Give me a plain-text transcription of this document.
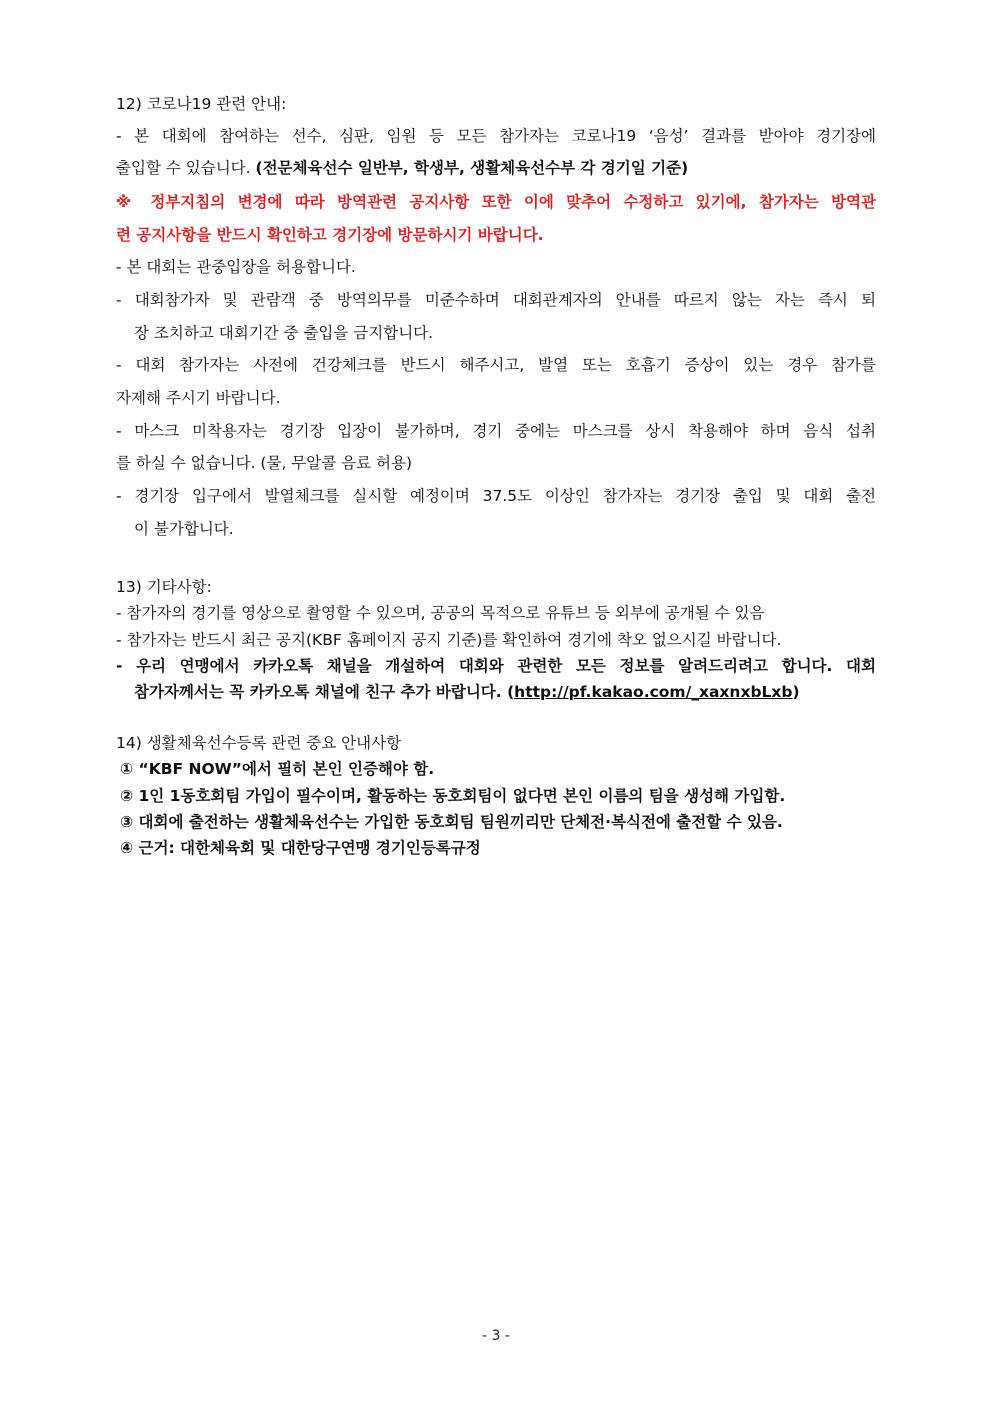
12) 코로나19 관련 안내:
- 본 대회에 참여하는 선수, 심판, 임원 등 모든 참가자는 코로나19 ‘음성’ 결과를 받아야 경기장에
출입할 수 있습니다. (전문체육선수 일반부, 학생부, 생활체육선수부 각 경기일 기준)
※ 정부지침의 변경에 따라 방역관련 공지사항 또한 이에 맞추어 수정하고 있기에, 참가자는 방역관
련 공지사항을 반드시 확인하고 경기장에 방문하시기 바랍니다.
- 본 대회는 관중입장을 허용합니다.
- 대회참가자 및 관람객 중 방역의무를 미준수하며 대회관계자의 안내를 따르지 않는 자는 즉시 퇴
장 조치하고 대회기간 중 출입을 금지합니다.
- 대회 참가자는 사전에 건강체크를 반드시 해주시고, 발열 또는 호흡기 증상이 있는 경우 참가를
자제해 주시기 바랍니다.
- 마스크 미착용자는 경기장 입장이 불가하며, 경기 중에는 마스크를 상시 착용해야 하며 음식 섭취
를 하실 수 없습니다. (물, 무알콜 음료 허용)
- 경기장 입구에서 발열체크를 실시할 예정이며 37.5도 이상인 참가자는 경기장 출입 및 대회 출전
이 불가합니다.
13) 기타사항:
- 참가자의 경기를 영상으로 촬영할 수 있으며, 공공의 목적으로 유튜브 등 외부에 공개될 수 있음
- 참가자는 반드시 최근 공지(KBF 홈페이지 공지 기준)를 확인하여 경기에 착오 없으시길 바랍니다.
- 우리 연맹에서 카카오톡 채널을 개설하여 대회와 관련한 모든 정보를 알려드리려고 합니다. 대회
참가자께서는 꼭 카카오톡 채널에 친구 추가 바랍니다. (http://pf.kakao.com/_xaxnxbLxb)
14) 생활체육선수등록 관련 중요 안내사항
① “KBF NOW”에서 필히 본인 인증해야 함.
② 1인 1동호회팀 가입이 필수이며, 활동하는 동호회팀이 없다면 본인 이름의 팀을 생성해 가입함.
③ 대회에 출전하는 생활체육선수는 가입한 동호회팀 팀원끼리만 단체전·복식전에 출전할 수 있음.
④ 근거: 대한체육회 및 대한당구연맹 경기인등록규정
- 3 -
